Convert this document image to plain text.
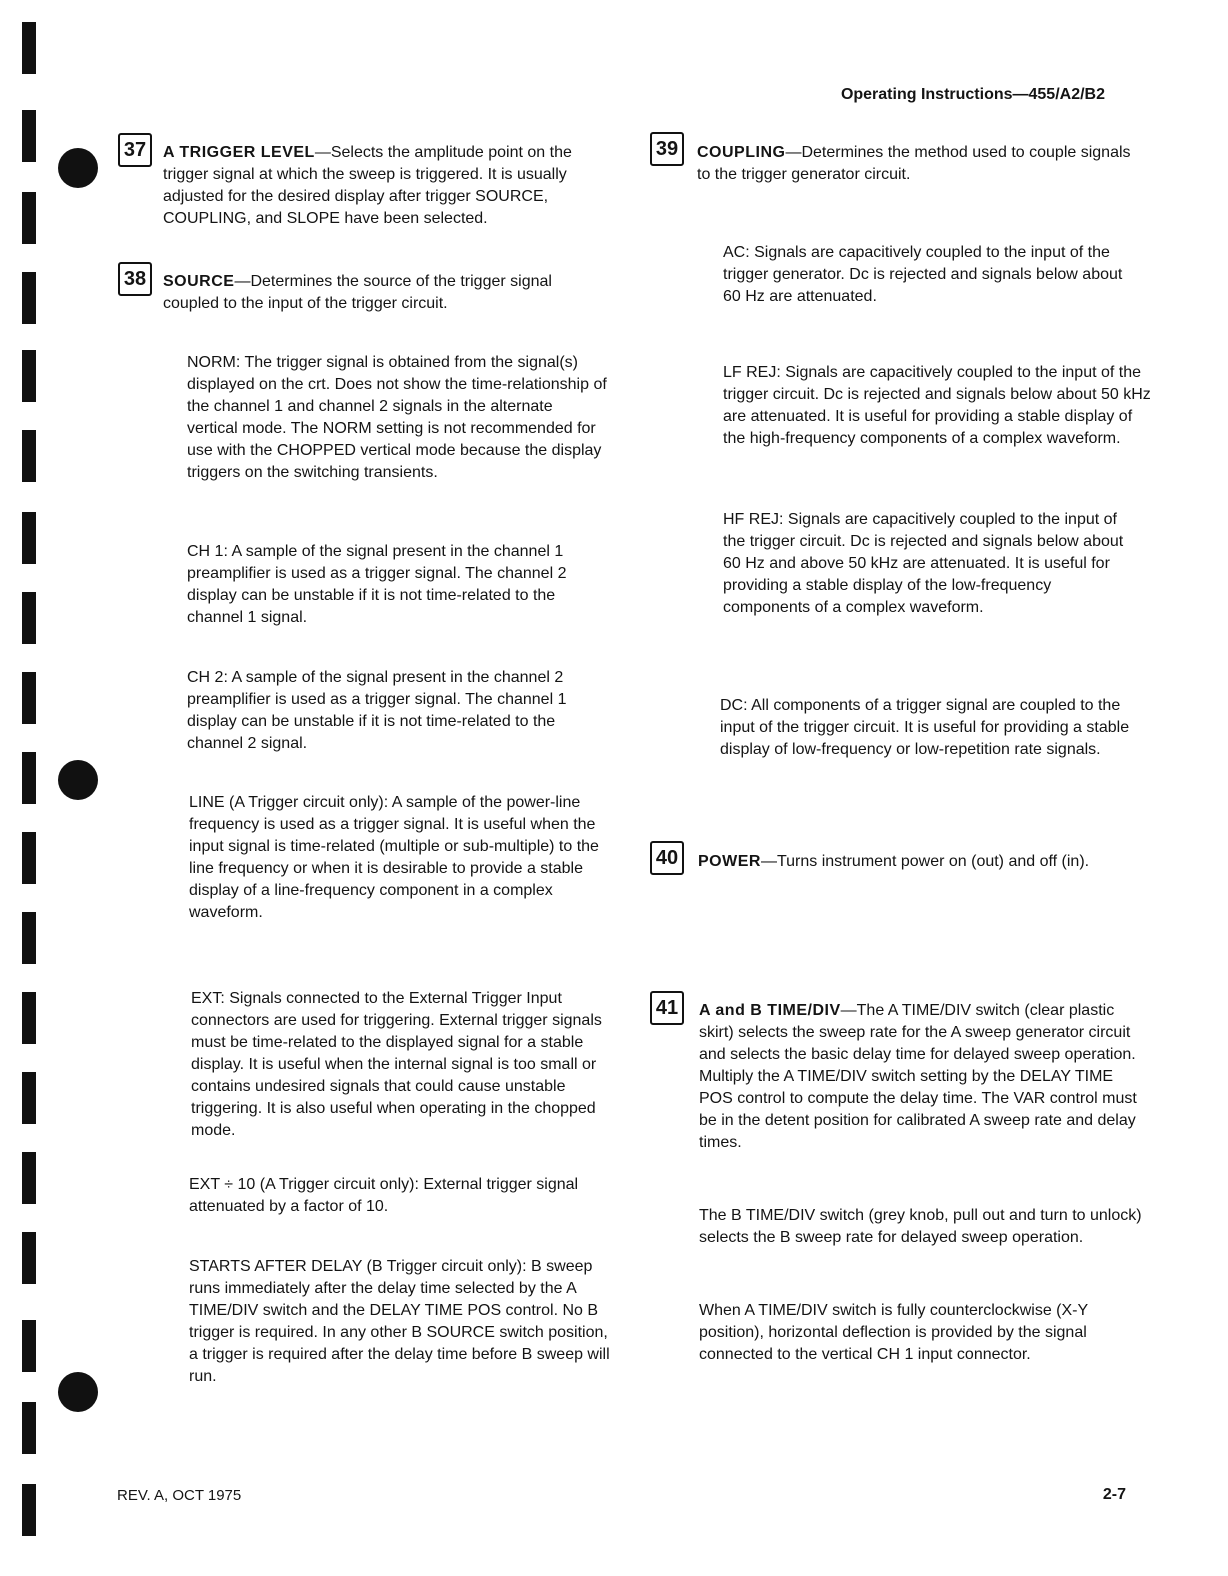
Operating Instructions—455/A2/B2
37	A TRIGGER LEVEL—Selects the amplitude point on the trigger signal at which the sweep is triggered. It is usually adjusted for the desired display after trigger SOURCE, COUPLING, and SLOPE have been selected.

38	SOURCE—Determines the source of the trigger signal coupled to the input of the trigger circuit.

NORM: The trigger signal is obtained from the signal(s) displayed on the crt. Does not show the time-relationship of the channel 1 and channel 2 signals in the alternate vertical mode. The NORM setting is not recommended for use with the CHOPPED vertical mode because the display triggers on the switching transients.

CH 1: A sample of the signal present in the channel 1 preamplifier is used as a trigger signal. The channel 2 display can be unstable if it is not time-related to the channel 1 signal.

CH 2: A sample of the signal present in the channel 2 preamplifier is used as a trigger signal. The channel 1 display can be unstable if it is not time-related to the channel 2 signal.

LINE (A Trigger circuit only): A sample of the power-line frequency is used as a trigger signal. It is useful when the input signal is time-related (multiple or sub-multiple) to the line frequency or when it is desirable to provide a stable display of a line-frequency component in a complex waveform.

EXT: Signals connected to the External Trigger Input connectors are used for triggering. External trigger signals must be time-related to the displayed signal for a stable display. It is useful when the internal signal is too small or contains undesired signals that could cause unstable triggering. It is also useful when operating in the chopped mode.

EXT ÷ 10 (A Trigger circuit only): External trigger signal attenuated by a factor of 10.

STARTS AFTER DELAY (B Trigger circuit only): B sweep runs immediately after the delay time selected by the A TIME/DIV switch and the DELAY TIME POS control. No B trigger is required. In any other B SOURCE switch position, a trigger is required after the delay time before B sweep will run.

39	COUPLING—Determines the method used to couple signals to the trigger generator circuit.

AC: Signals are capacitively coupled to the input of the trigger generator. Dc is rejected and signals below about 60 Hz are attenuated.

LF REJ: Signals are capacitively coupled to the input of the trigger circuit. Dc is rejected and signals below about 50 kHz are attenuated. It is useful for providing a stable display of the high-frequency components of a complex waveform.

HF REJ: Signals are capacitively coupled to the input of the trigger circuit. Dc is rejected and signals below about 60 Hz and above 50 kHz are attenuated. It is useful for providing a stable display of the low-frequency components of a complex waveform.

DC: All components of a trigger signal are coupled to the input of the trigger circuit. It is useful for providing a stable display of low-frequency or low-repetition rate signals.

40	POWER—Turns instrument power on (out) and off (in).

41	A and B TIME/DIV—The A TIME/DIV switch (clear plastic skirt) selects the sweep rate for the A sweep generator circuit and selects the basic delay time for delayed sweep operation. Multiply the A TIME/DIV switch setting by the DELAY TIME POS control to compute the delay time. The VAR control must be in the detent position for calibrated A sweep rate and delay times.

The B TIME/DIV switch (grey knob, pull out and turn to unlock) selects the B sweep rate for delayed sweep operation.

When A TIME/DIV switch is fully counterclockwise (X-Y position), horizontal deflection is provided by the signal connected to the vertical CH 1 input connector.

REV. A, OCT 1975	2-7
